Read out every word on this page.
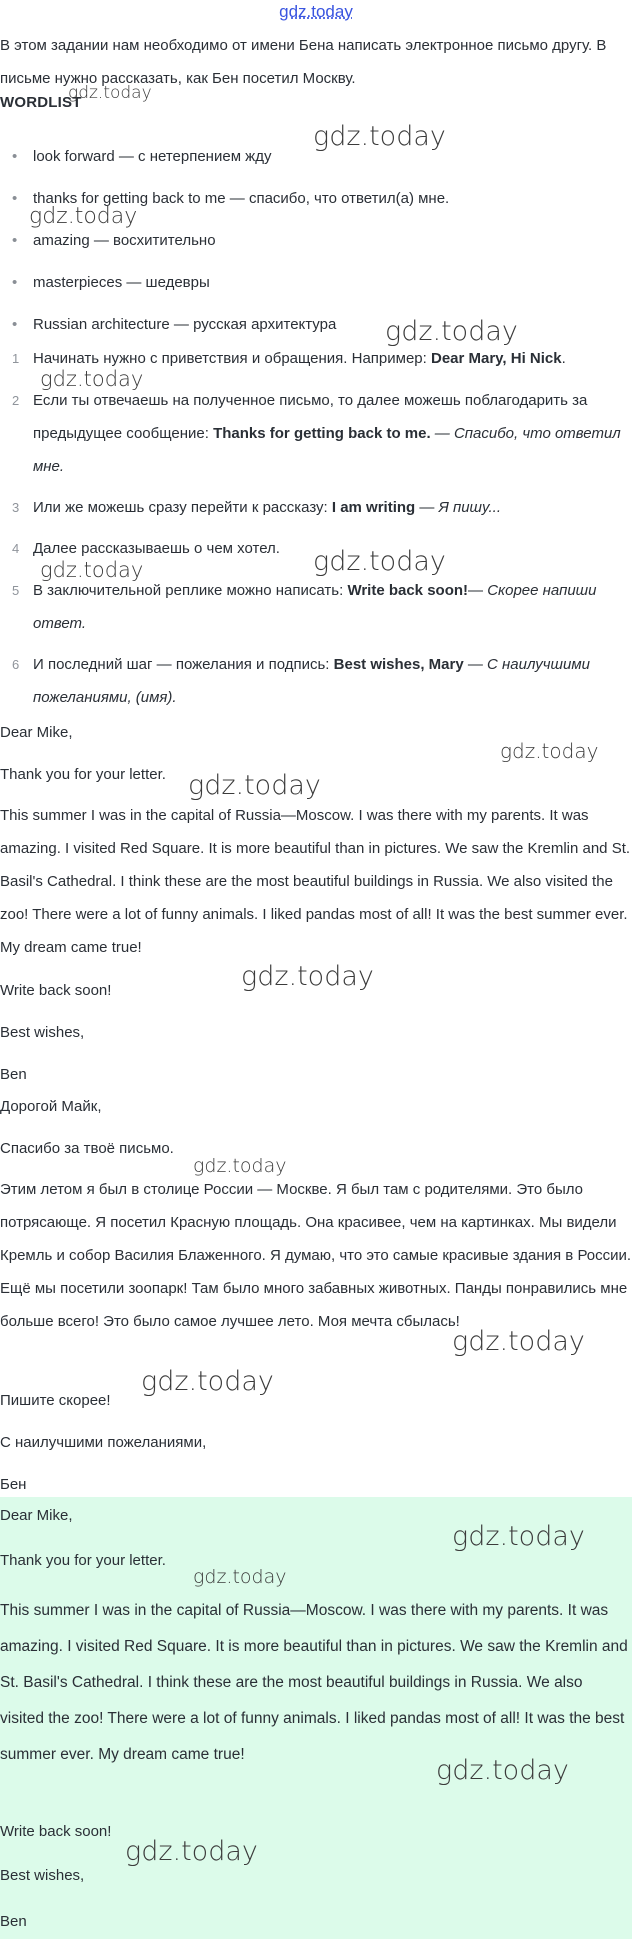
gdz.today

В этом задании нам необходимо от имени Бена написать электронное письмо другу. В письме нужно рассказать, как Бен посетил Москву.

WORDLIST
• look forward — с нетерпением жду
• thanks for getting back to me — спасибо, что ответил(а) мне.
• amazing — восхитительно
• masterpieces — шедевры
• Russian architecture — русская архитектура
1 Начинать нужно с приветствия и обращения. Например: Dear Mary, Hi Nick.
2 Если ты отвечаешь на полученное письмо, то далее можешь поблагодарить за предыдущее сообщение: Thanks for getting back to me. — Спасибо, что ответил мне.
3 Или же можешь сразу перейти к рассказу: I am writing — Я пишу...
4 Далее рассказываешь о чем хотел.
5 В заключительной реплике можно написать: Write back soon!— Скорее напиши ответ.
6 И последний шаг — пожелания и подпись: Best wishes, Mary — С наилучшими пожеланиями, (имя).
Dear Mike,
Thank you for your letter.

This summer I was in the capital of Russia—Moscow. I was there with my parents. It was amazing. I visited Red Square. It is more beautiful than in pictures. We saw the Kremlin and St. Basil's Cathedral. I think these are the most beautiful buildings in Russia. We also visited the zoo! There were a lot of funny animals. I liked pandas most of all! It was the best summer ever. My dream came true!

Write back soon!
Best wishes,
Ben
Дорогой Майк,
Спасибо за твоё письмо.

Этим летом я был в столице России — Москве. Я был там с родителями. Это было потрясающе. Я посетил Красную площадь. Она красивее, чем на картинках. Мы видели Кремль и собор Василия Блаженного. Я думаю, что это самые красивые здания в России. Ещё мы посетили зоопарк! Там было много забавных животных. Панды понравились мне больше всего! Это было самое лучшее лето. Моя мечта сбылась!

Пишите скорее!
С наилучшими пожеланиями,
Бен
Dear Mike,
Thank you for your letter.

This summer I was in the capital of Russia—Moscow. I was there with my parents. It was amazing. I visited Red Square. It is more beautiful than in pictures. We saw the Kremlin and St. Basil's Cathedral. I think these are the most beautiful buildings in Russia. We also visited the zoo! There were a lot of funny animals. I liked pandas most of all! It was the best summer ever. My dream came true!

Write back soon!
Best wishes,
Ben
gdz.today
gdz.today
gdz.today
gdz.today
gdz.today
gdz.today	gdz.today
gdz.today
gdz.today
gdz.today
gdz.today
gdz.today
gdz.today
gdz.today
gdz.today
gdz.today
gdz.today
